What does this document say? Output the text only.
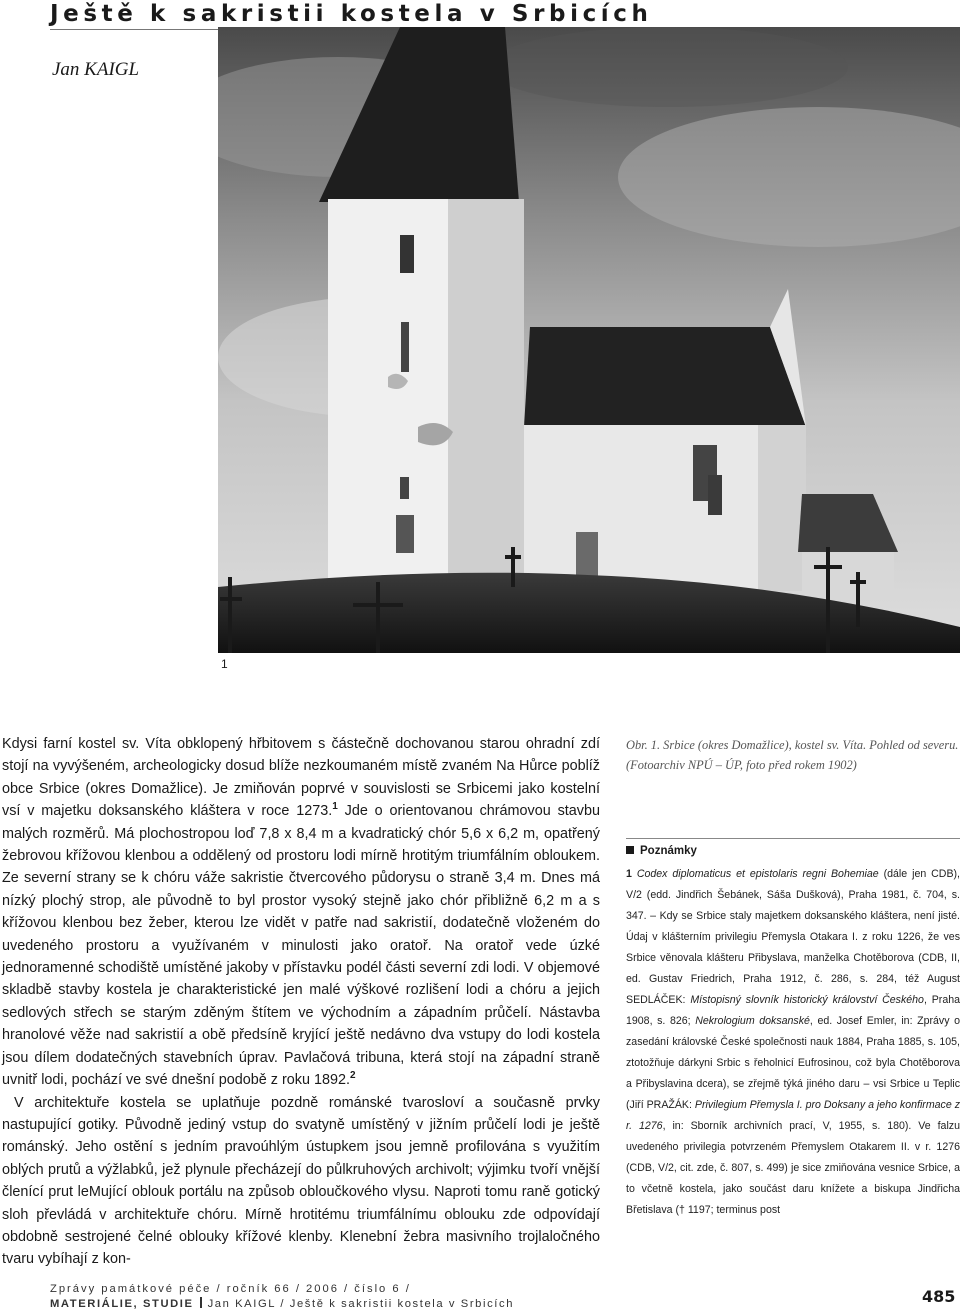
Ještě k sakristii kostela v Srbicích

Jan KAIGL

1

Kdysi farní kostel sv. Víta obklopený hřbitovem s částečně dochovanou starou ohradní zdí stojí na vyvýšeném, archeologicky dosud blíže nezkoumaném místě zvaném Na Hůrce poblíž obce Srbice (okres Domažlice). Je zmiňován poprvé v souvislosti se Srbicemi jako kostelní vsí v majetku doksanského kláštera v roce 1273.$^1$ Jde o orientovanou chrámovou stavbu malých rozměrů. Má plochostropou loď 7,8 x 8,4 m a kvadratický chór 5,6 x 6,2 m, opatřený žebrovou křížovou klenbou a oddělený od prostoru lodi mírně hrotitým triumfálním obloukem. Ze severní strany se k chóru váže sakristie čtvercového půdorysu o straně 3,4 m. Dnes má nízký plochý strop, ale původně to byl prostor vysoký stejně jako chór přibližně 6,2 m a s křížovou klenbou bez žeber, kterou lze vidět v patře nad sakristií, dodatečně vloženém do uvedeného prostoru a využívaném v minulosti jako oratoř. Na oratoř vede úzké jednoramenné schodiště umístěné jakoby v přístavku podél části severní zdi lodi. V objemové skladbě stavby kostela je charakteristické jen malé výškové rozlišení lodi a chóru a jejich sedlových střech se starým zděným štítem ve východním a západním průčelí. Nástavba hranolové věže nad sakristií a obě předsíně kryjící ještě nedávno dva vstupy do lodi kostela jsou dílem dodatečných stavebních úprav. Pavlačová tribuna, která stojí na západní straně uvnitř lodi, pochází ve své dnešní podobě z roku 1892.$^2$

V architektuře kostela se uplatňuje pozdně románské tvarosloví a současně prvky nastupující gotiky. Původně jediný vstup do svatyně umístěný v jižním průčelí lodi je ještě románský. Jeho ostění s jedním pravoúhlým ústupkem jsou jemně profilována s využitím oblých prutů a výžlabků, jež plynule přecházejí do půlkruhových archivolt; výjimku tvoří vnější členící prut leMující oblouk portálu na způsob obloučkového vlysu. Naproti tomu raně gotický sloh převládá v architektuře chóru. Mírně hrotitému triumfálnímu oblouku zde odpovídají obdobně sestrojené čelné oblouky křížové klenby. Klenební žebra masivního trojlaločného tvaru vybíhají z kon-

Obr. 1. Srbice (okres Domažlice), kostel sv. Víta. Pohled od severu. (Fotoarchiv NPÚ – ÚP, foto před rokem 1902)

Poznámky

1 Codex diplomaticus et epistolaris regni Bohemiae (dále jen CDB), V/2 (edd. Jindřich Šebánek, Sáša Dušková), Praha 1981, č. 704, s. 347. – Kdy se Srbice staly majetkem doksanského kláštera, není jisté. Údaj v klášterním privilegiu Přemysla Otakara I. z roku 1226, že ves Srbice věnovala klášteru Přibyslava, manželka Chotěborova (CDB, II, ed. Gustav Friedrich, Praha 1912, č. 286, s. 284, též August SEDLÁČEK: Místopisný slovník historický království Českého, Praha 1908, s. 826; Nekrologium doksanské, ed. Josef Emler, in: Zprávy o zasedání královské České společnosti nauk 1884, Praha 1885, s. 105, ztotožňuje dárkyni Srbic s řeholnicí Eufrosinou, což byla Chotěborova a Přibyslavina dcera), se zřejmě týká jiného daru – vsi Srbice u Teplic (Jiří PRAŽÁK: Privilegium Přemysla I. pro Doksany a jeho konfirmace z r. 1276, in: Sborník archivních prací, V, 1955, s. 180). Ve falzu uvedeného privilegia potvrzeném Přemyslem Otakarem II. v r. 1276 (CDB, V/2, cit. zde, č. 807, s. 499) je sice zmiňována vesnice Srbice, a to včetně kostela, jako součást daru knížete a biskupa Jindřicha Břetislava († 1197; terminus post

Zprávy památkové péče / ročník 66 / 2006 / číslo 6 /
MATERIÁLIE, STUDIE Jan KAIGL / Ještě k sakristii kostela v Srbicích	485
